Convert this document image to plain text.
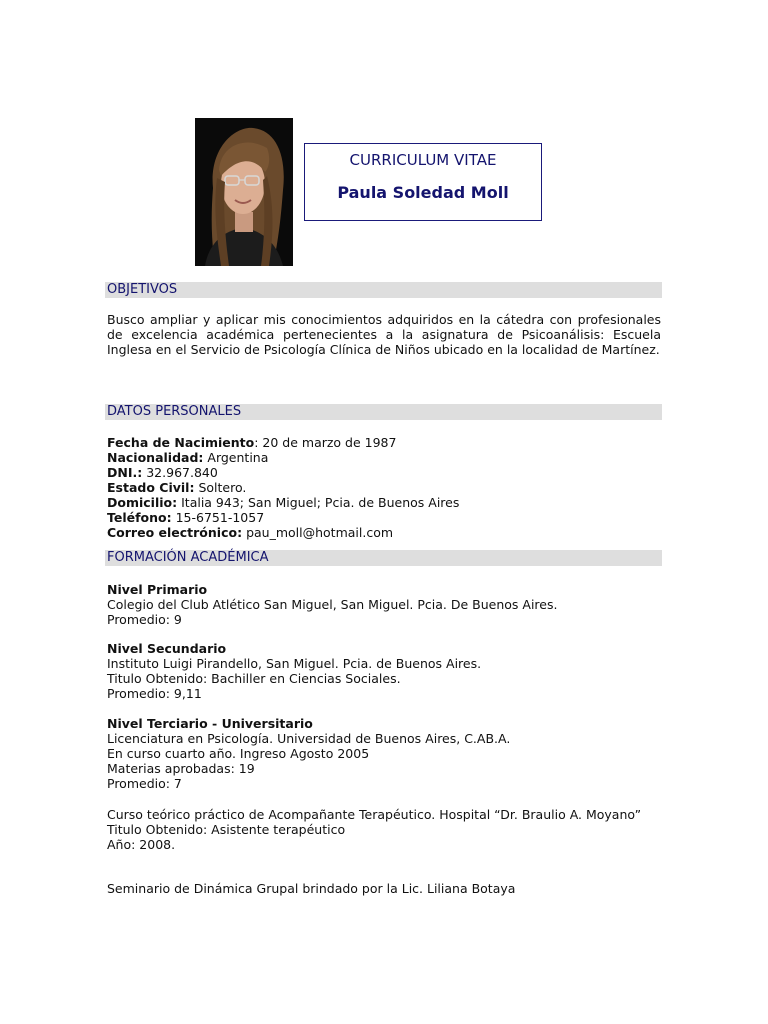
CURRICULUM VITAE
Paula Soledad Moll
OBJETIVOS
Busco ampliar y aplicar mis conocimientos adquiridos en la cátedra con profesionales de excelencia académica pertenecientes a la asignatura de Psicoanálisis: Escuela Inglesa en el Servicio de Psicología Clínica de Niños ubicado en la localidad de Martínez.
DATOS PERSONALES
Fecha de Nacimiento: 20 de marzo de 1987
Nacionalidad: Argentina
DNI.: 32.967.840
Estado Civil: Soltero.
Domicilio: Italia 943; San Miguel; Pcia. de Buenos Aires
Teléfono: 15-6751-1057
Correo electrónico: pau_moll@hotmail.com
FORMACIÓN ACADÉMICA
Nivel Primario
Colegio del Club Atlético San Miguel, San Miguel. Pcia. De Buenos Aires.
Promedio: 9
Nivel Secundario
Instituto Luigi Pirandello, San Miguel. Pcia. de Buenos Aires.
Titulo Obtenido: Bachiller en Ciencias Sociales.
Promedio: 9,11
Nivel Terciario - Universitario
Licenciatura en Psicología. Universidad de Buenos Aires, C.AB.A.
En curso cuarto año. Ingreso Agosto 2005
Materias aprobadas: 19
Promedio: 7
Curso teórico práctico de Acompañante Terapéutico. Hospital “Dr. Braulio A. Moyano”
Titulo Obtenido: Asistente terapéutico
Año: 2008.
Seminario de Dinámica Grupal brindado por la Lic. Liliana Botaya
